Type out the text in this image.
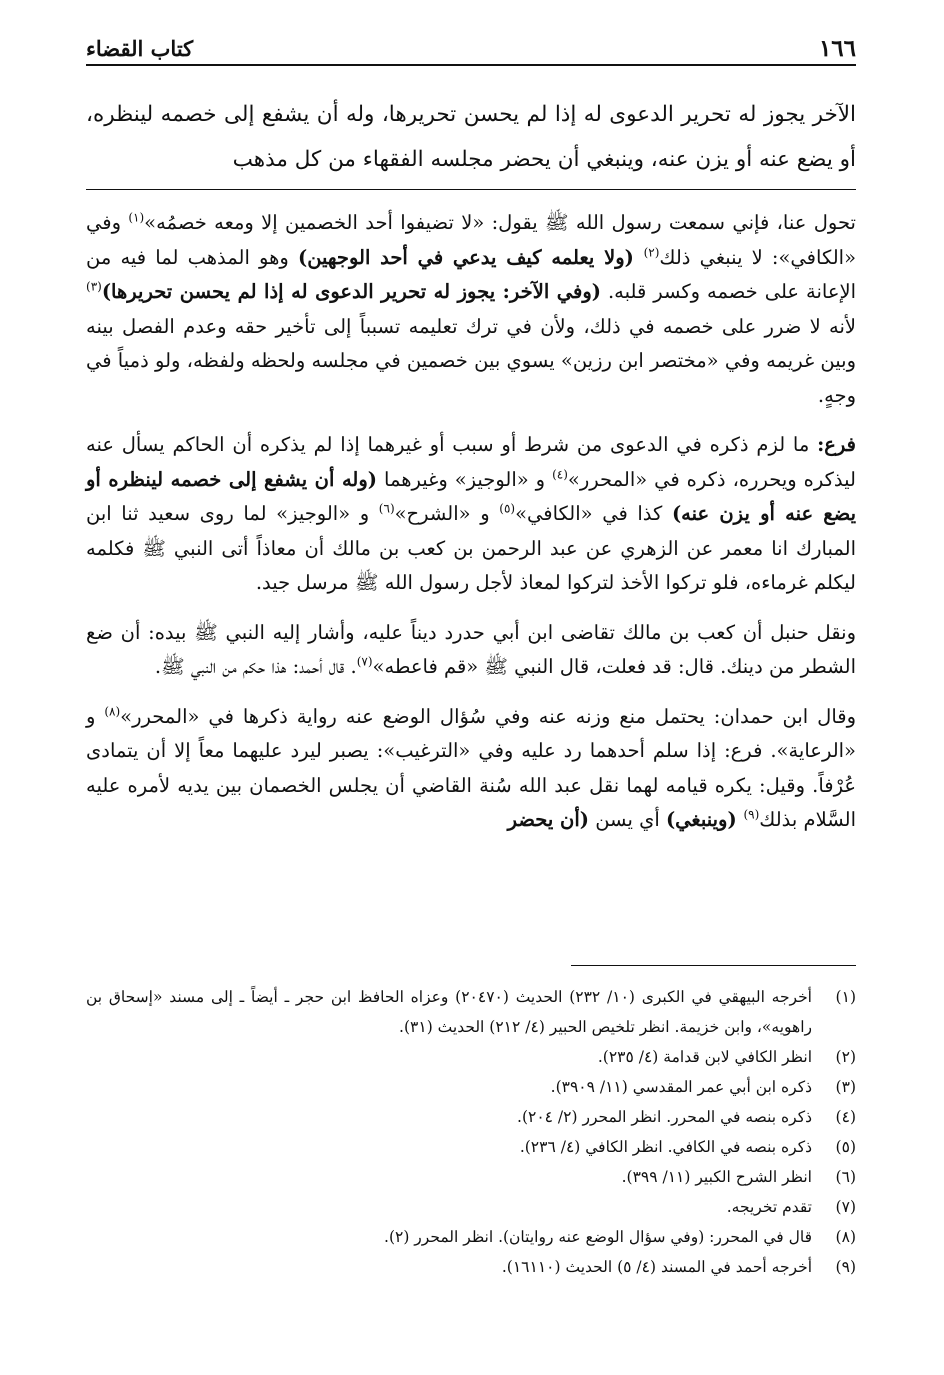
١٦٦
كتاب القضاء
الآخر يجوز له تحرير الدعوى له إذا لم يحسن تحريرها، وله أن يشفع إلى خصمه لينظره، أو يضع عنه أو يزن عنه، وينبغي أن يحضر مجلسه الفقهاء من كل مذهب

تحول عنا، فإني سمعت رسول الله ﷺ يقول: «لا تضيفوا أحد الخصمين إلا ومعه خصمُه»$^{(١)}$ وفي «الكافي»: لا ينبغي ذلك$^{(٢)}$ (ولا يعلمه كيف يدعي في أحد الوجهين) وهو المذهب لما فيه من الإعانة على خصمه وكسر قلبه. (وفي الآخر: يجوز له تحرير الدعوى له إذا لم يحسن تحريرها)$^{(٣)}$ لأنه لا ضرر على خصمه في ذلك، ولأن في ترك تعليمه تسبباً إلى تأخير حقه وعدم الفصل بينه وبين غريمه وفي «مختصر ابن رزين» يسوي بين خصمين في مجلسه ولحظه ولفظه، ولو ذمياً في وجهٍ.

فرع: ما لزم ذكره في الدعوى من شرط أو سبب أو غيرهما إذا لم يذكره أن الحاكم يسأل عنه ليذكره ويحرره، ذكره في «المحرر»$^{(٤)}$ و «الوجيز» وغيرهما (وله أن يشفع إلى خصمه لينظره أو يضع عنه أو يزن عنه) كذا في «الكافي»$^{(٥)}$ و «الشرح»$^{(٦)}$ و «الوجيز» لما روى سعيد ثنا ابن المبارك انا معمر عن الزهري عن عبد الرحمن بن كعب بن مالك أن معاذاً أتى النبي ﷺ فكلمه ليكلم غرماءه، فلو تركوا الأخذ لتركوا لمعاذ لأجل رسول الله ﷺ مرسل جيد.

ونقل حنبل أن كعب بن مالك تقاضى ابن أبي حدرد ديناً عليه، وأشار إليه النبي ﷺ بيده: أن ضع الشطر من دينك. قال: قد فعلت، قال النبي ﷺ «قم فاعطه»$^{(٧)}$. قال أحمد: هذا حكم من النبي ﷺ.

وقال ابن حمدان: يحتمل منع وزنه عنه وفي سُؤال الوضع عنه رواية ذكرها في «المحرر»$^{(٨)}$ و «الرعاية». فرع: إذا سلم أحدهما رد عليه وفي «الترغيب»: يصبر ليرد عليهما معاً إلا أن يتمادى عُرْفاً. وقيل: يكره قيامه لهما نقل عبد الله سُنة القاضي أن يجلس الخصمان بين يديه لأمره عليه السَّلام بذلك$^{(٩)}$ (وينبغي) أي يسن (أن يحضر

(١)
أخرجه البيهقي في الكبرى (١٠/ ٢٣٢) الحديث (٢٠٤٧٠) وعزاه الحافظ ابن حجر ـ أيضاً ـ إلى مسند «إسحاق بن راهويه»، وابن خزيمة. انظر تلخيص الحبير (٤/ ٢١٢) الحديث (٣١).
(٢)
انظر الكافي لابن قدامة (٤/ ٢٣٥).
(٣)
ذكره ابن أبي عمر المقدسي (١١/ ٣٩٠٩).
(٤)
ذكره بنصه في المحرر. انظر المحرر (٢/ ٢٠٤).
(٥)
ذكره بنصه في الكافي. انظر الكافي (٤/ ٢٣٦).
(٦)
انظر الشرح الكبير (١١/ ٣٩٩).
(٧)
تقدم تخريجه.
(٨)
قال في المحرر: (وفي سؤال الوضع عنه روايتان). انظر المحرر (٢).
(٩)
أخرجه أحمد في المسند (٤/ ٥) الحديث (١٦١١٠).
